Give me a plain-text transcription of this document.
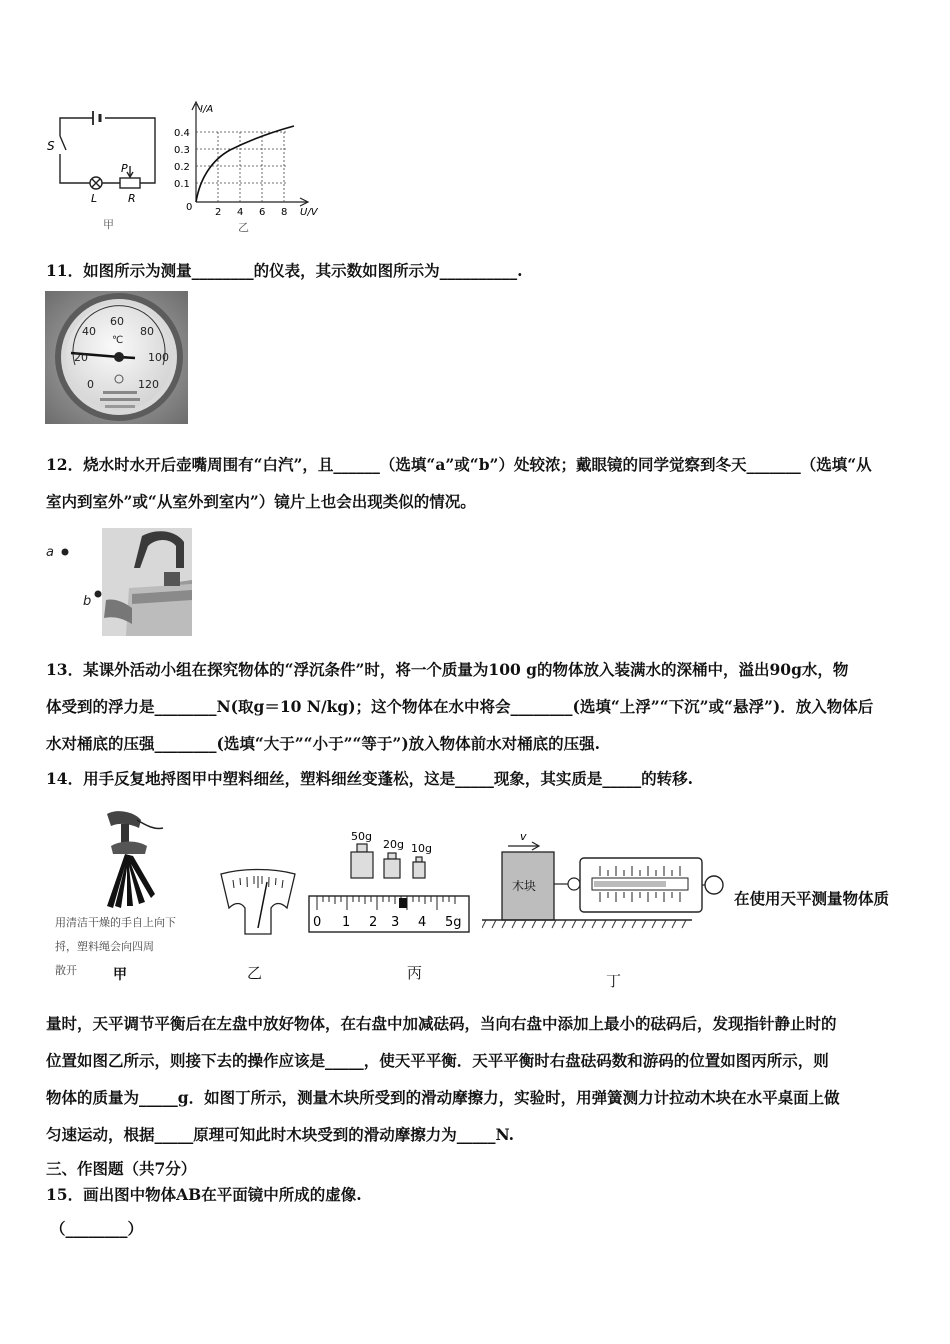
S
L
P
R
甲
I/A
U/V
0
0.4
0.3
0.2
0.1
2 4 6 8
乙
11．如图所示为测量________的仪表，其示数如图所示为__________.
60
40	80
20	100
0	120
℃
12．烧水时水开后壶嘴周围有“白汽”，且______（选填“a”或“b”）处较浓；戴眼镜的同学觉察到冬天_______（选填“从
室内到室外”或“从室外到室内”）镜片上也会出现类似的情况。
a
b
13．某课外活动小组在探究物体的“浮沉条件”时，将一个质量为100 g的物体放入装满水的深桶中，溢出90g水，物
体受到的浮力是________N(取g＝10 N/kg)；这个物体在水中将会________(选填“上浮”“下沉”或“悬浮”)．放入物体后
水对桶底的压强________(选填“大于”“小于”“等于”)放入物体前水对桶底的压强.
14．用手反复地捋图甲中塑料细丝，塑料细丝变蓬松，这是_____现象，其实质是_____的转移.
用清洁干燥的手自上向下
捋，塑料绳会向四周
散开	甲	乙
50g
20g 10g
0 1 2 3 4 5g
丙
v
木块
丁
在使用天平测量物体质
量时，天平调节平衡后在左盘中放好物体，在右盘中加减砝码，当向右盘中添加上最小的砝码后，发现指针静止时的
位置如图乙所示，则接下去的操作应该是_____，使天平平衡．天平平衡时右盘砝码数和游码的位置如图丙所示，则
物体的质量为_____g．如图丁所示，测量木块所受到的滑动摩擦力，实验时，用弹簧测力计拉动木块在水平桌面上做
匀速运动，根据_____原理可知此时木块受到的滑动摩擦力为_____N.
三、作图题（共7分）
15．画出图中物体AB在平面镜中所成的虚像.
（________）
